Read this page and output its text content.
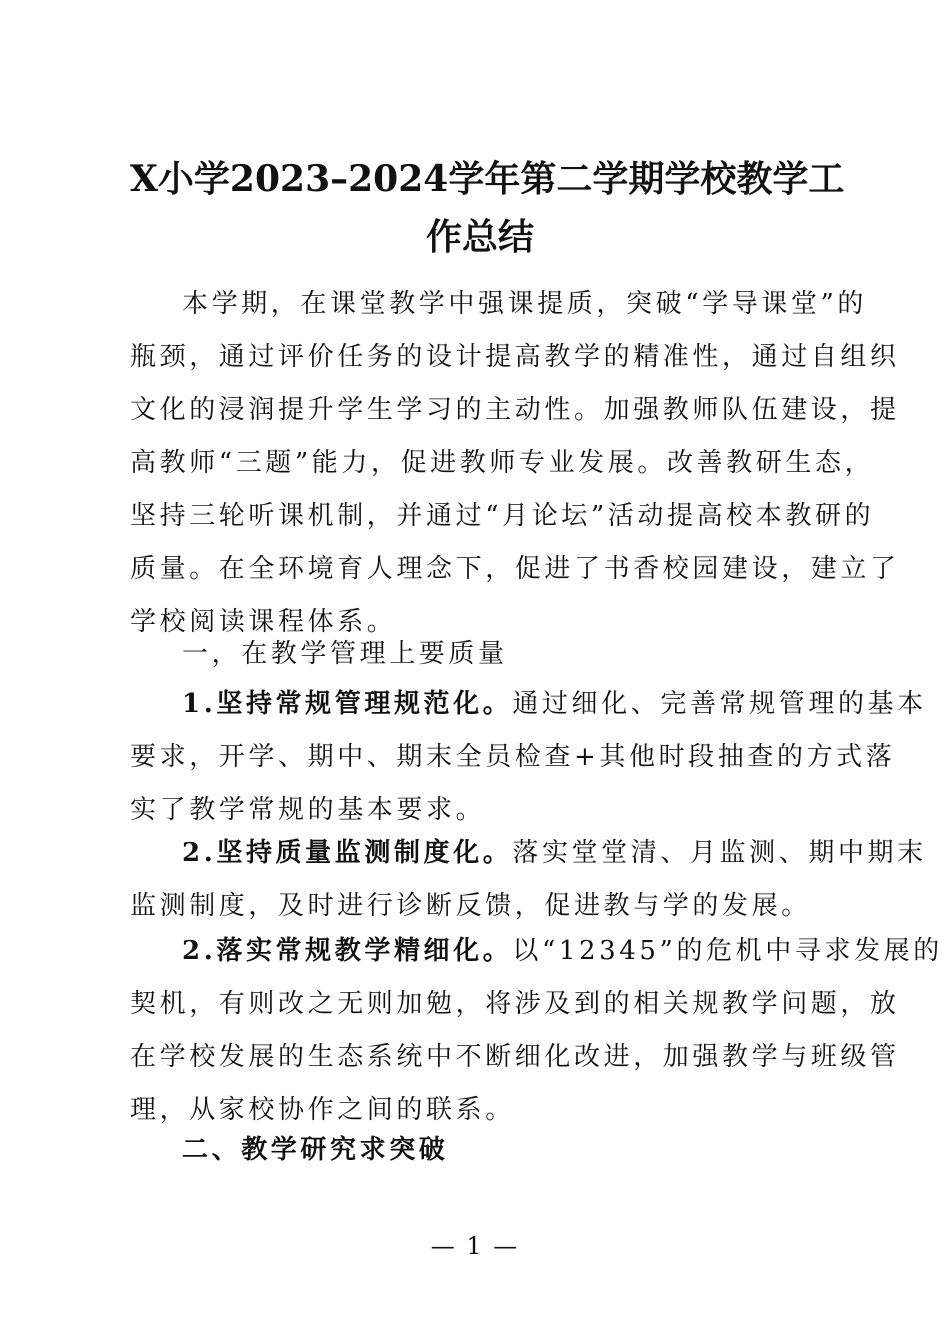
X小学2023–2024学年第二学期学校教学工
作总结
本学期，在课堂教学中强课提质，突破“学导课堂”的
瓶颈，通过评价任务的设计提高教学的精准性，通过自组织
文化的浸润提升学生学习的主动性。加强教师队伍建设，提
高教师“三题”能力，促进教师专业发展。改善教研生态，
坚持三轮听课机制，并通过“月论坛”活动提高校本教研的
质量。在全环境育人理念下，促进了书香校园建设，建立了
学校阅读课程体系。
一，在教学管理上要质量
1.坚持常规管理规范化。通过细化、完善常规管理的基本
要求，开学、期中、期末全员检查+其他时段抽查的方式落
实了教学常规的基本要求。
2.坚持质量监测制度化。落实堂堂清、月监测、期中期末
监测制度，及时进行诊断反馈，促进教与学的发展。
2.落实常规教学精细化。以“12345”的危机中寻求发展的
契机，有则改之无则加勉，将涉及到的相关规教学问题，放
在学校发展的生态系统中不断细化改进，加强教学与班级管
理，从家校协作之间的联系。
二、教学研究求突破
— 1 —
